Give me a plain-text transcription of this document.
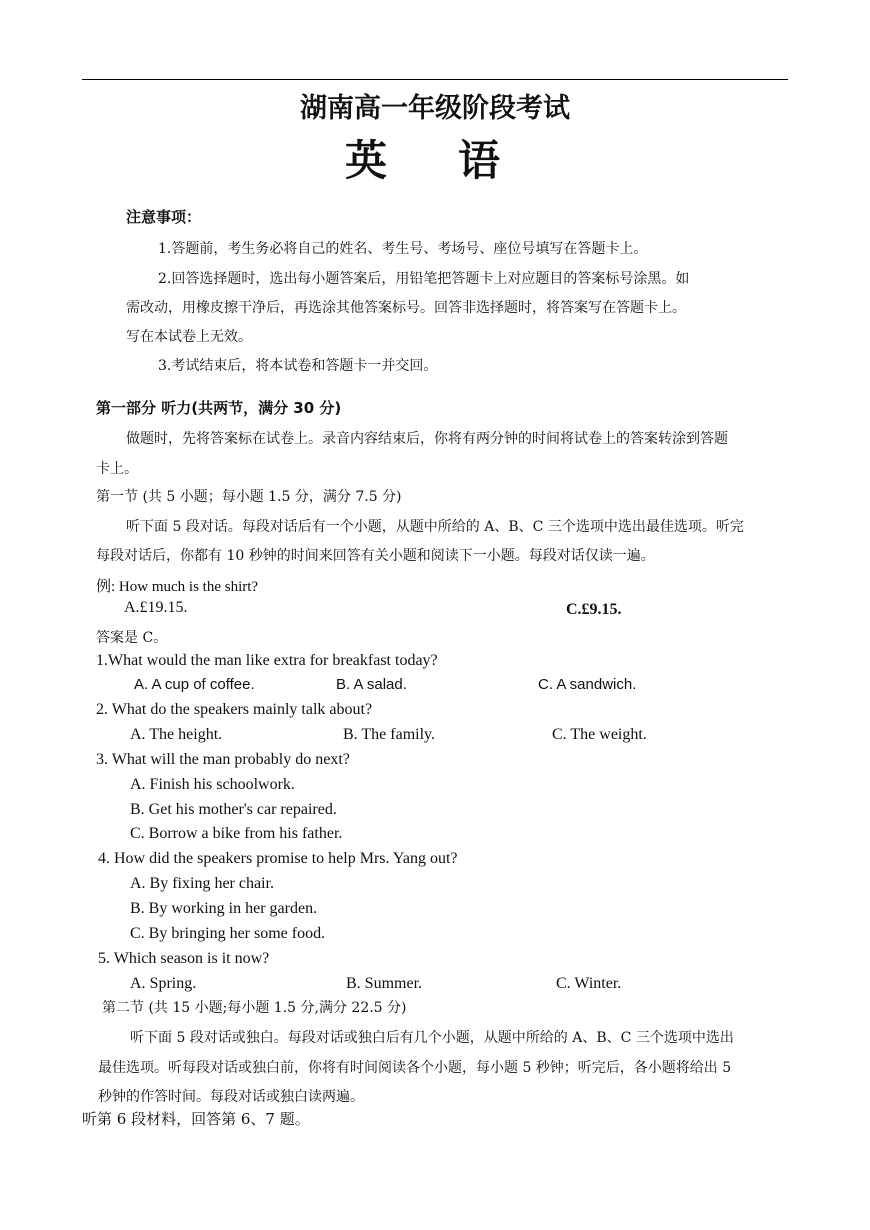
湖南高一年级阶段考试
英 语
注意事项：
1.答题前，考生务必将自己的姓名、考生号、考场号、座位号填写在答题卡上。
2.回答选择题时，选出每小题答案后，用铅笔把答题卡上对应题目的答案标号涂黑。如
需改动，用橡皮擦干净后，再选涂其他答案标号。回答非选择题时，将答案写在答题卡上。
写在本试卷上无效。
3.考试结束后，将本试卷和答题卡一并交回。
第一部分 听力(共两节，满分 30 分)
做题时，先将答案标在试卷上。录音内容结束后，你将有两分钟的时间将试卷上的答案转涂到答题
卡上。
第一节 (共 5 小题；每小题 1.5 分，满分 7.5 分)
听下面 5 段对话。每段对话后有一个小题，从题中所给的 A、B、C 三个选项中选出最佳选项。听完
每段对话后，你都有 10 秒钟的时间来回答有关小题和阅读下一小题。每段对话仅读一遍。
例: How much is the shirt?
A.£19.15.	C.£9.15.
答案是 C。
1.What would the man like extra for breakfast today?
A. A cup of coffee.	B. A salad.	C. A sandwich.
2. What do the speakers mainly talk about?
A. The height.	B. The family.	C. The weight.
3. What will the man probably do next?
A. Finish his schoolwork.
B. Get his mother's car repaired.
C. Borrow a bike from his father.
4. How did the speakers promise to help Mrs. Yang out?
A. By fixing her chair.
B. By working in her garden.
C. By bringing her some food.
5. Which season is it now?
A. Spring.	B. Summer.	C. Winter.
第二节 (共 15 小题;每小题 1.5 分,满分 22.5 分)
听下面 5 段对话或独白。每段对话或独白后有几个小题，从题中所给的 A、B、C 三个选项中选出
最佳选项。听每段对话或独白前，你将有时间阅读各个小题，每小题 5 秒钟；听完后，各小题将给出 5
秒钟的作答时间。每段对话或独白读两遍。
听第 6 段材料，回答第 6、7 题。
